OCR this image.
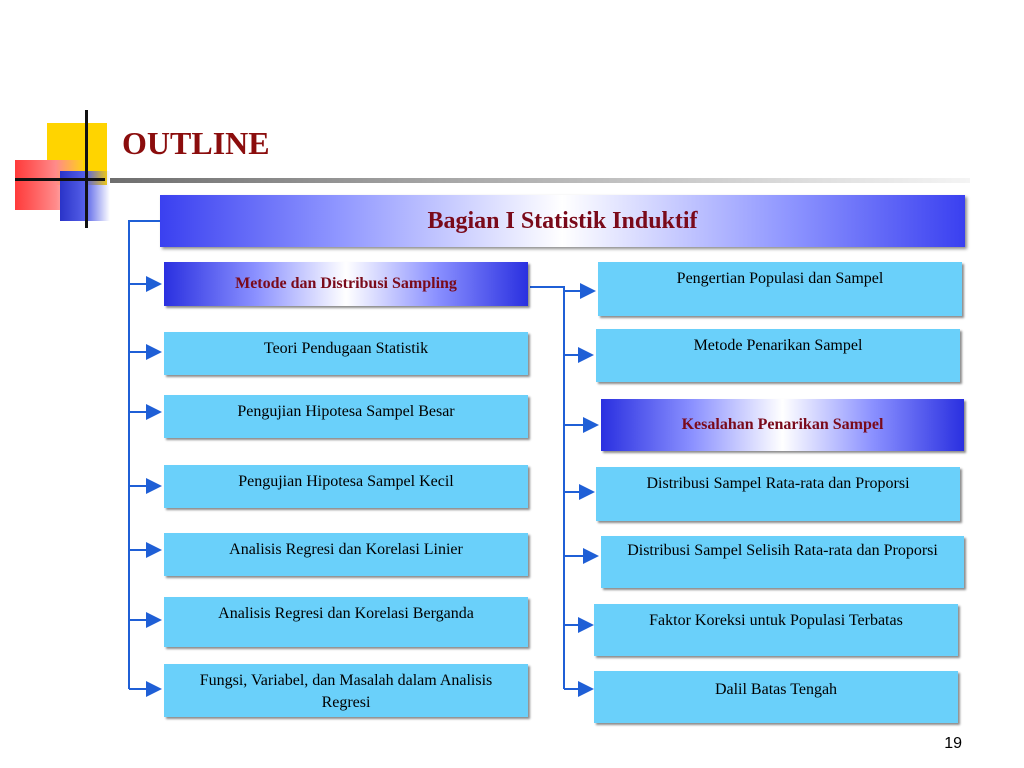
OUTLINE
Bagian I Statistik Induktif
Metode dan Distribusi Sampling
Teori Pendugaan Statistik
Pengujian Hipotesa Sampel Besar
Pengujian Hipotesa Sampel Kecil
Analisis Regresi dan Korelasi Linier
Analisis Regresi dan Korelasi Berganda
Fungsi, Variabel, dan Masalah dalam Analisis Regresi
Pengertian Populasi dan Sampel
Metode Penarikan Sampel
Kesalahan Penarikan Sampel
Distribusi Sampel Rata-rata dan Proporsi
Distribusi Sampel Selisih Rata-rata dan Proporsi
Faktor Koreksi untuk Populasi Terbatas
Dalil Batas Tengah
19
